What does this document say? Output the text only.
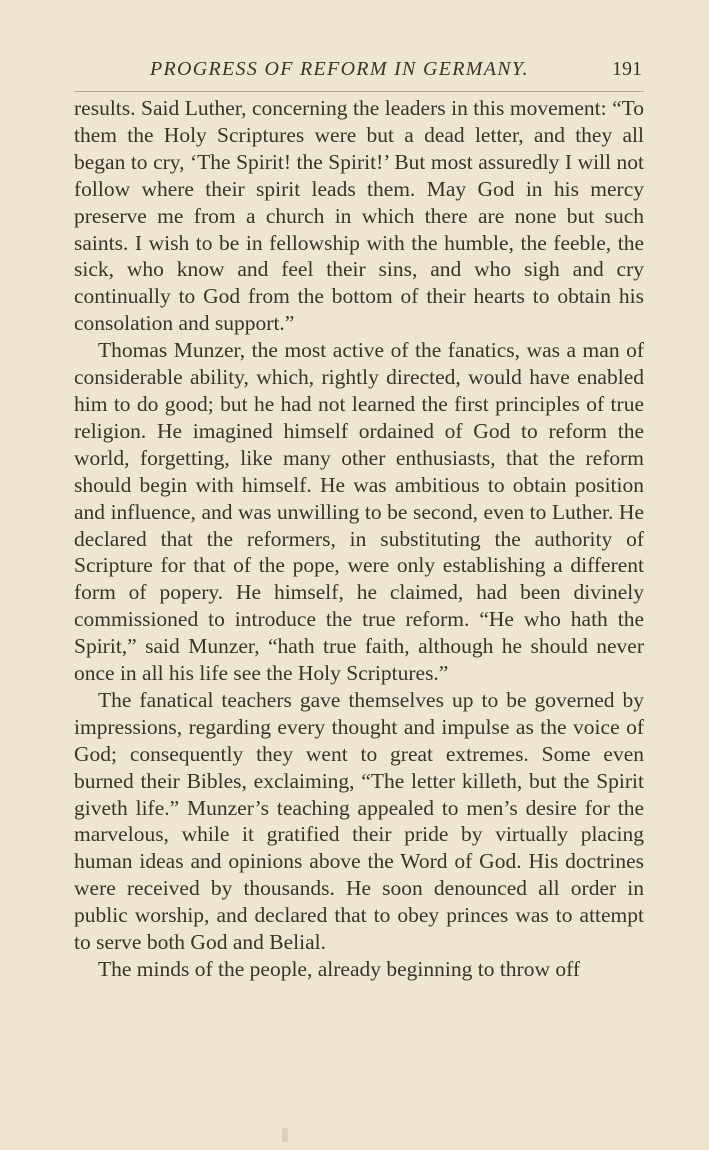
PROGRESS OF REFORM IN GERMANY.	191

results. Said Luther, concerning the leaders in this movement: “To them the Holy Scriptures were but a dead letter, and they all began to cry, ‘The Spirit! the Spirit!’ But most assuredly I will not follow where their spirit leads them. May God in his mercy preserve me from a church in which there are none but such saints. I wish to be in fellowship with the humble, the feeble, the sick, who know and feel their sins, and who sigh and cry continually to God from the bottom of their hearts to obtain his consolation and support.”

Thomas Munzer, the most active of the fanatics, was a man of considerable ability, which, rightly directed, would have enabled him to do good; but he had not learned the first principles of true religion. He imagined himself ordained of God to reform the world, forgetting, like many other enthusiasts, that the reform should begin with himself. He was ambitious to obtain position and influence, and was unwilling to be second, even to Luther. He declared that the reformers, in substituting the authority of Scripture for that of the pope, were only establishing a different form of popery. He himself, he claimed, had been divinely commissioned to introduce the true reform. “He who hath the Spirit,” said Munzer, “hath true faith, although he should never once in all his life see the Holy Scriptures.”

The fanatical teachers gave themselves up to be governed by impressions, regarding every thought and impulse as the voice of God; consequently they went to great extremes. Some even burned their Bibles, exclaiming, “The letter killeth, but the Spirit giveth life.” Munzer’s teaching appealed to men’s desire for the marvelous, while it gratified their pride by virtually placing human ideas and opinions above the Word of God. His doctrines were received by thousands. He soon denounced all order in public worship, and declared that to obey princes was to attempt to serve both God and Belial.

The minds of the people, already beginning to throw off
